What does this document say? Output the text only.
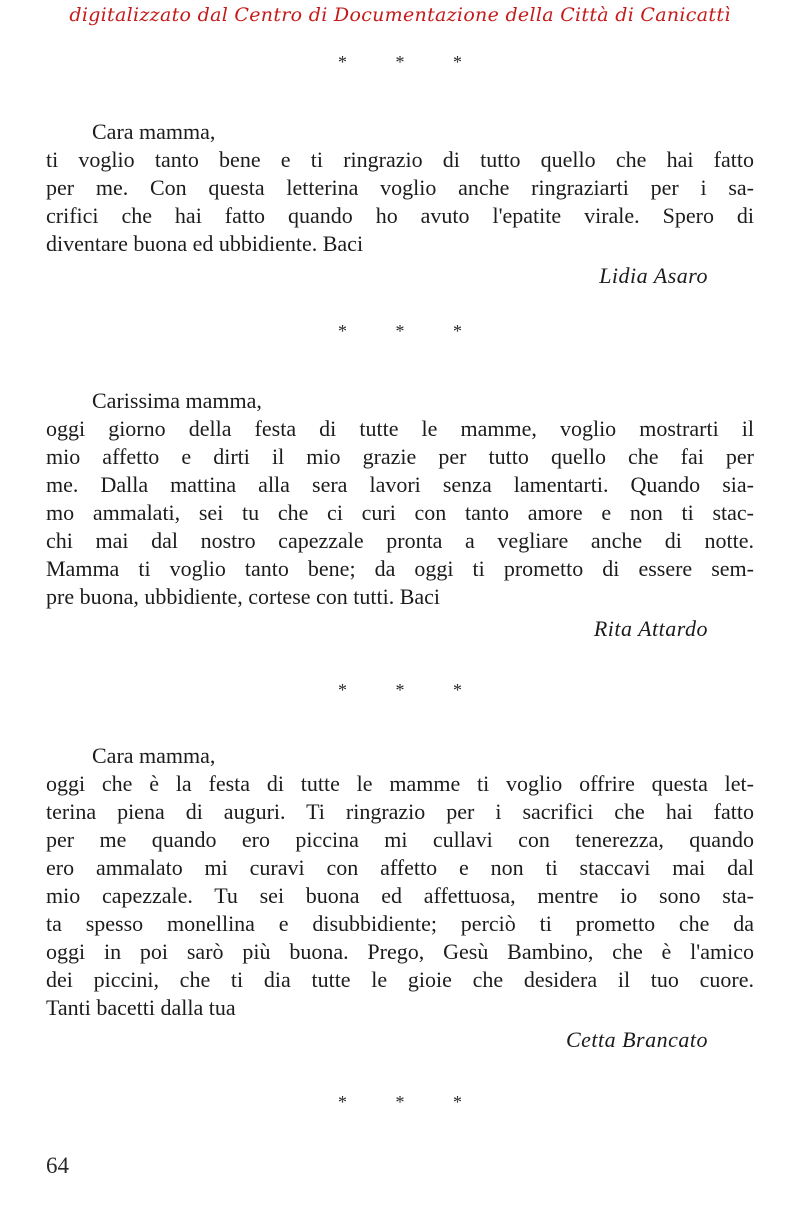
digitalizzato dal Centro di Documentazione della Città di Canicattì
* * *
Cara mamma,
ti voglio tanto bene e ti ringrazio di tutto quello che hai fatto
per me. Con questa letterina voglio anche ringraziarti per i sa-
crifici che hai fatto quando ho avuto l'epatite virale. Spero di
diventare buona ed ubbidiente. Baci
Lidia Asaro
* * *
Carissima mamma,
oggi giorno della festa di tutte le mamme, voglio mostrarti il
mio affetto e dirti il mio grazie per tutto quello che fai per
me. Dalla mattina alla sera lavori senza lamentarti. Quando sia-
mo ammalati, sei tu che ci curi con tanto amore e non ti stac-
chi mai dal nostro capezzale pronta a vegliare anche di notte.
Mamma ti voglio tanto bene; da oggi ti prometto di essere sem-
pre buona, ubbidiente, cortese con tutti. Baci
Rita Attardo
* * *
Cara mamma,
oggi che è la festa di tutte le mamme ti voglio offrire questa let-
terina piena di auguri. Ti ringrazio per i sacrifici che hai fatto
per me quando ero piccina mi cullavi con tenerezza, quando
ero ammalato mi curavi con affetto e non ti staccavi mai dal
mio capezzale. Tu sei buona ed affettuosa, mentre io sono sta-
ta spesso monellina e disubbidiente; perciò ti prometto che da
oggi in poi sarò più buona. Prego, Gesù Bambino, che è l'amico
dei piccini, che ti dia tutte le gioie che desidera il tuo cuore.
Tanti bacetti dalla tua
Cetta Brancato
* * *
64
